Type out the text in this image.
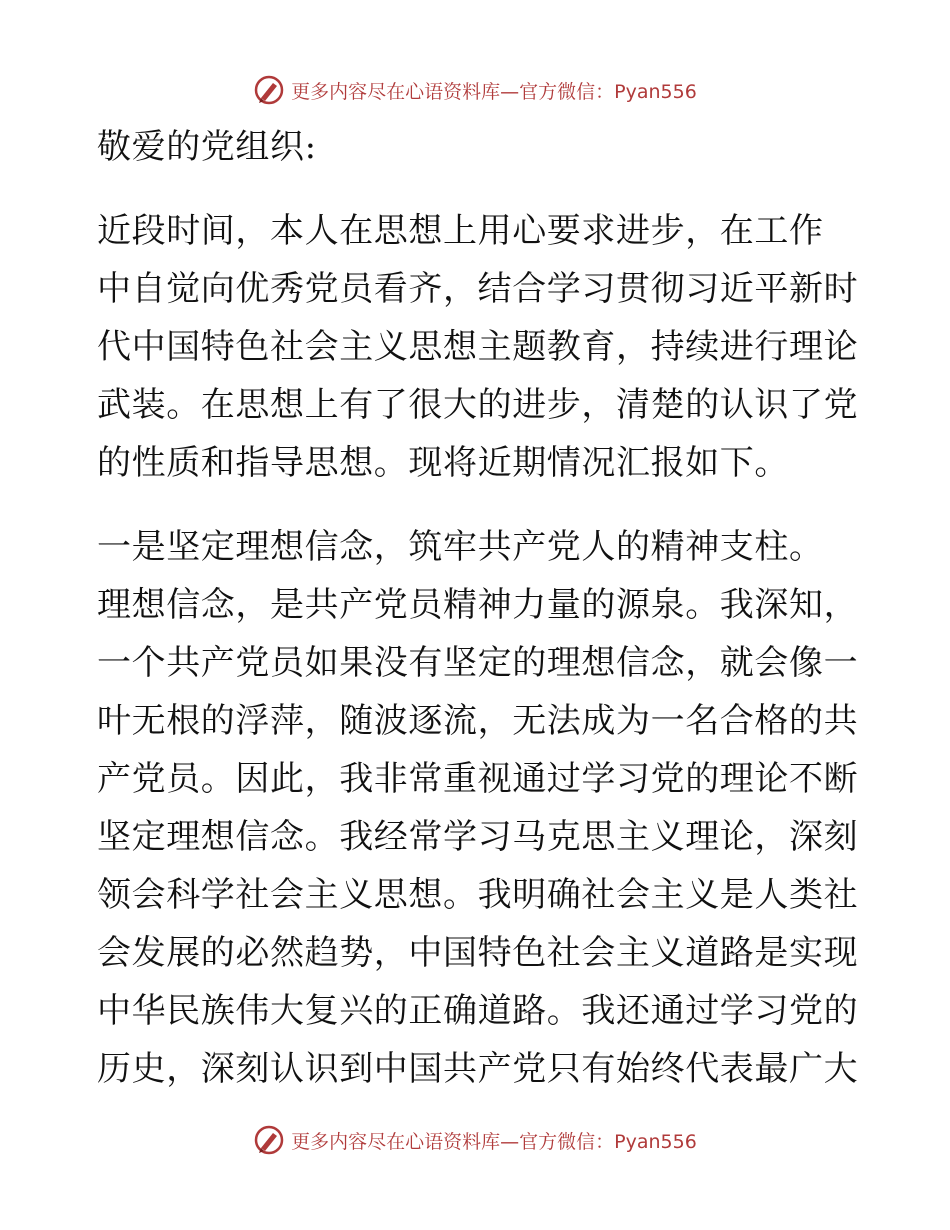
更多内容尽在心语资料库—官方微信：Pyan556
敬爱的党组织:
近段时间，本人在思想上用心要求进步，在工作
中自觉向优秀党员看齐，结合学习贯彻习近平新时
代中国特色社会主义思想主题教育，持续进行理论
武装。在思想上有了很大的进步，清楚的认识了党
的性质和指导思想。现将近期情况汇报如下。
一是坚定理想信念，筑牢共产党人的精神支柱。
理想信念，是共产党员精神力量的源泉。我深知，
一个共产党员如果没有坚定的理想信念，就会像一
叶无根的浮萍，随波逐流，无法成为一名合格的共
产党员。因此，我非常重视通过学习党的理论不断
坚定理想信念。我经常学习马克思主义理论，深刻
领会科学社会主义思想。我明确社会主义是人类社
会发展的必然趋势，中国特色社会主义道路是实现
中华民族伟大复兴的正确道路。我还通过学习党的
历史，深刻认识到中国共产党只有始终代表最广大
更多内容尽在心语资料库—官方微信：Pyan556
